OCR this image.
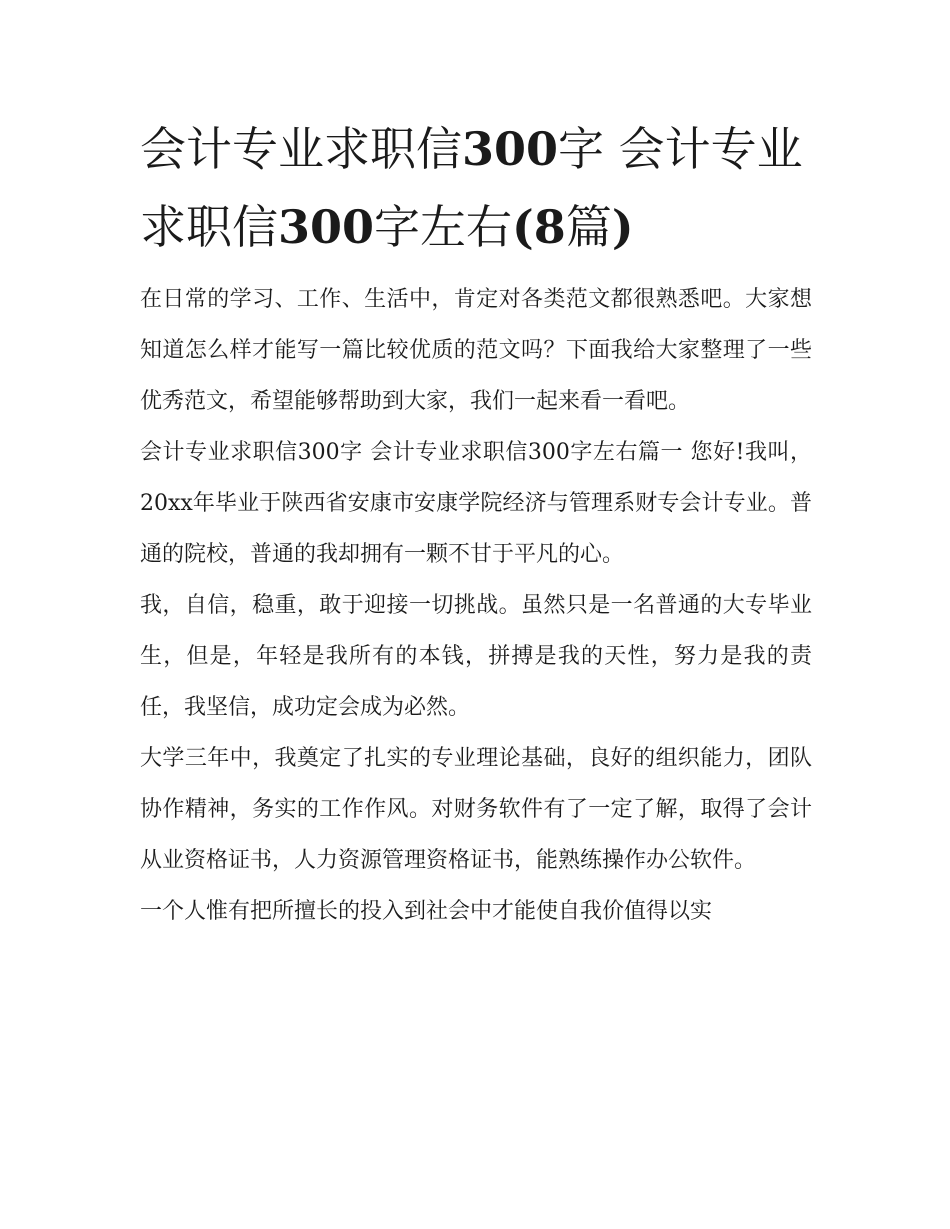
会计专业求职信300字 会计专业求职信300字左右(8篇)

在日常的学习、工作、生活中，肯定对各类范文都很熟悉吧。大家想知道怎么样才能写一篇比较优质的范文吗？下面我给大家整理了一些优秀范文，希望能够帮助到大家，我们一起来看一看吧。

会计专业求职信300字 会计专业求职信300字左右篇一 您好!我叫，20xx年毕业于陕西省安康市安康学院经济与管理系财专会计专业。普通的院校，普通的我却拥有一颗不甘于平凡的心。

我，自信，稳重，敢于迎接一切挑战。虽然只是一名普通的大专毕业生，但是，年轻是我所有的本钱，拼搏是我的天性，努力是我的责任，我坚信，成功定会成为必然。

大学三年中，我奠定了扎实的专业理论基础，良好的组织能力，团队协作精神，务实的工作作风。对财务软件有了一定了解，取得了会计从业资格证书，人力资源管理资格证书，能熟练操作办公软件。

一个人惟有把所擅长的投入到社会中才能使自我价值得以实
